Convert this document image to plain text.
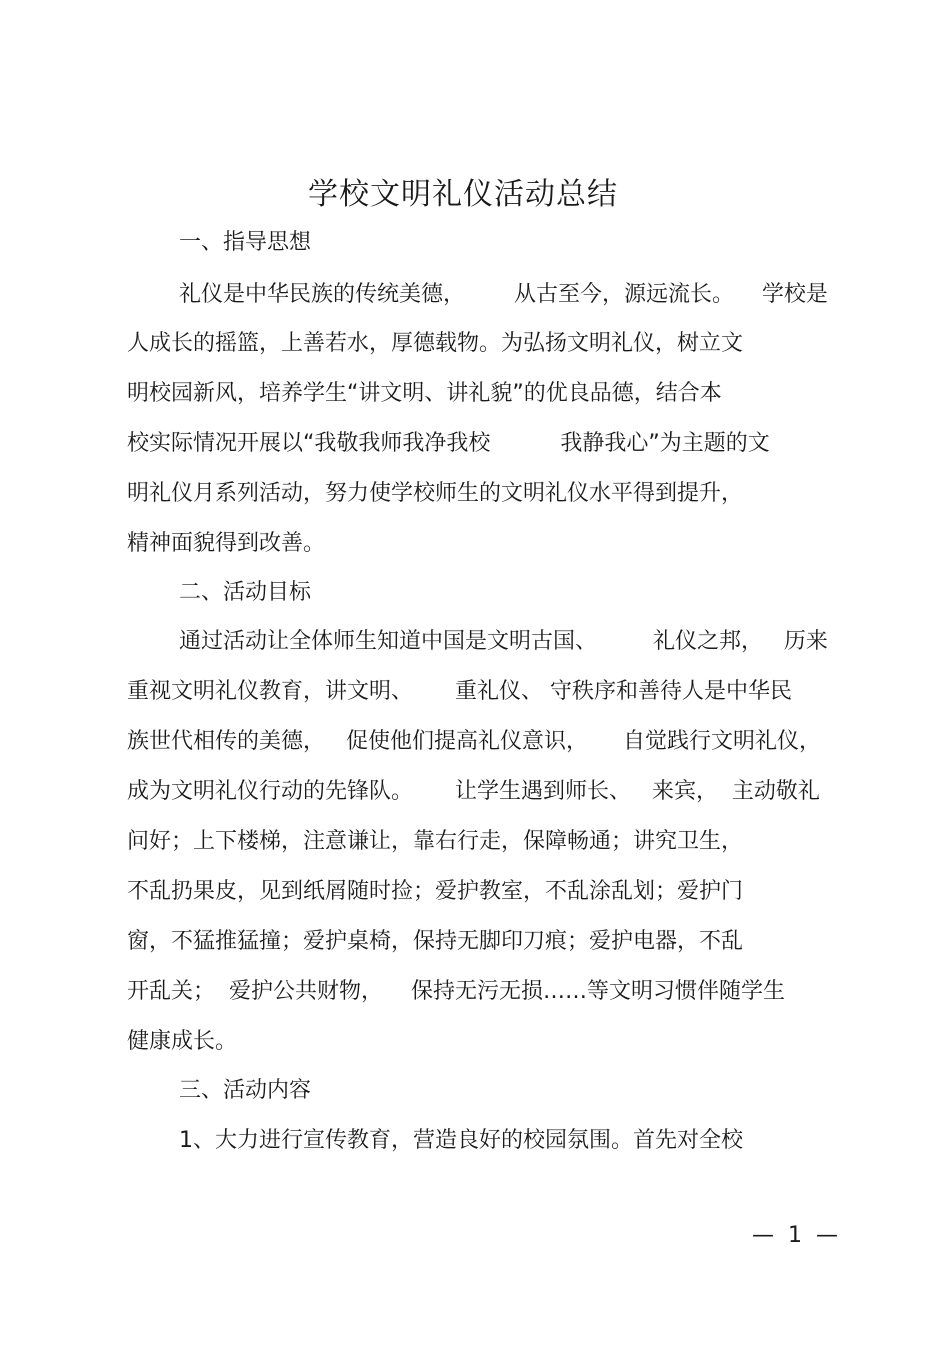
学校文明礼仪活动总结
一、指导思想
礼仪是中华民族的传统美德，       从古至今，源远流长。    学校是
人成长的摇篮，上善若水，厚德载物。为弘扬文明礼仪，树立文
明校园新风，培养学生“讲文明、讲礼貌”的优良品德，结合本
校实际情况开展以“我敬我师我净我校          我静我心”为主题的文
明礼仪月系列活动，努力使学校师生的文明礼仪水平得到提升，
精神面貌得到改善。
二、活动目标
通过活动让全体师生知道中国是文明古国、        礼仪之邦，   历来
重视文明礼仪教育，讲文明、      重礼仪、 守秩序和善待人是中华民
族世代相传的美德，   促使他们提高礼仪意识，     自觉践行文明礼仪，
成为文明礼仪行动的先锋队。      让学生遇到师长、   来宾，  主动敬礼
问好；上下楼梯，注意谦让，靠右行走，保障畅通；讲究卫生，
不乱扔果皮，见到纸屑随时捡；爱护教室，不乱涂乱划；爱护门
窗，不猛推猛撞；爱护桌椅，保持无脚印刀痕；爱护电器，不乱
开乱关；  爱护公共财物，    保持无污无损……等文明习惯伴随学生
健康成长。
三、活动内容
1、大力进行宣传教育，营造良好的校园氛围。首先对全校
—  1  —
